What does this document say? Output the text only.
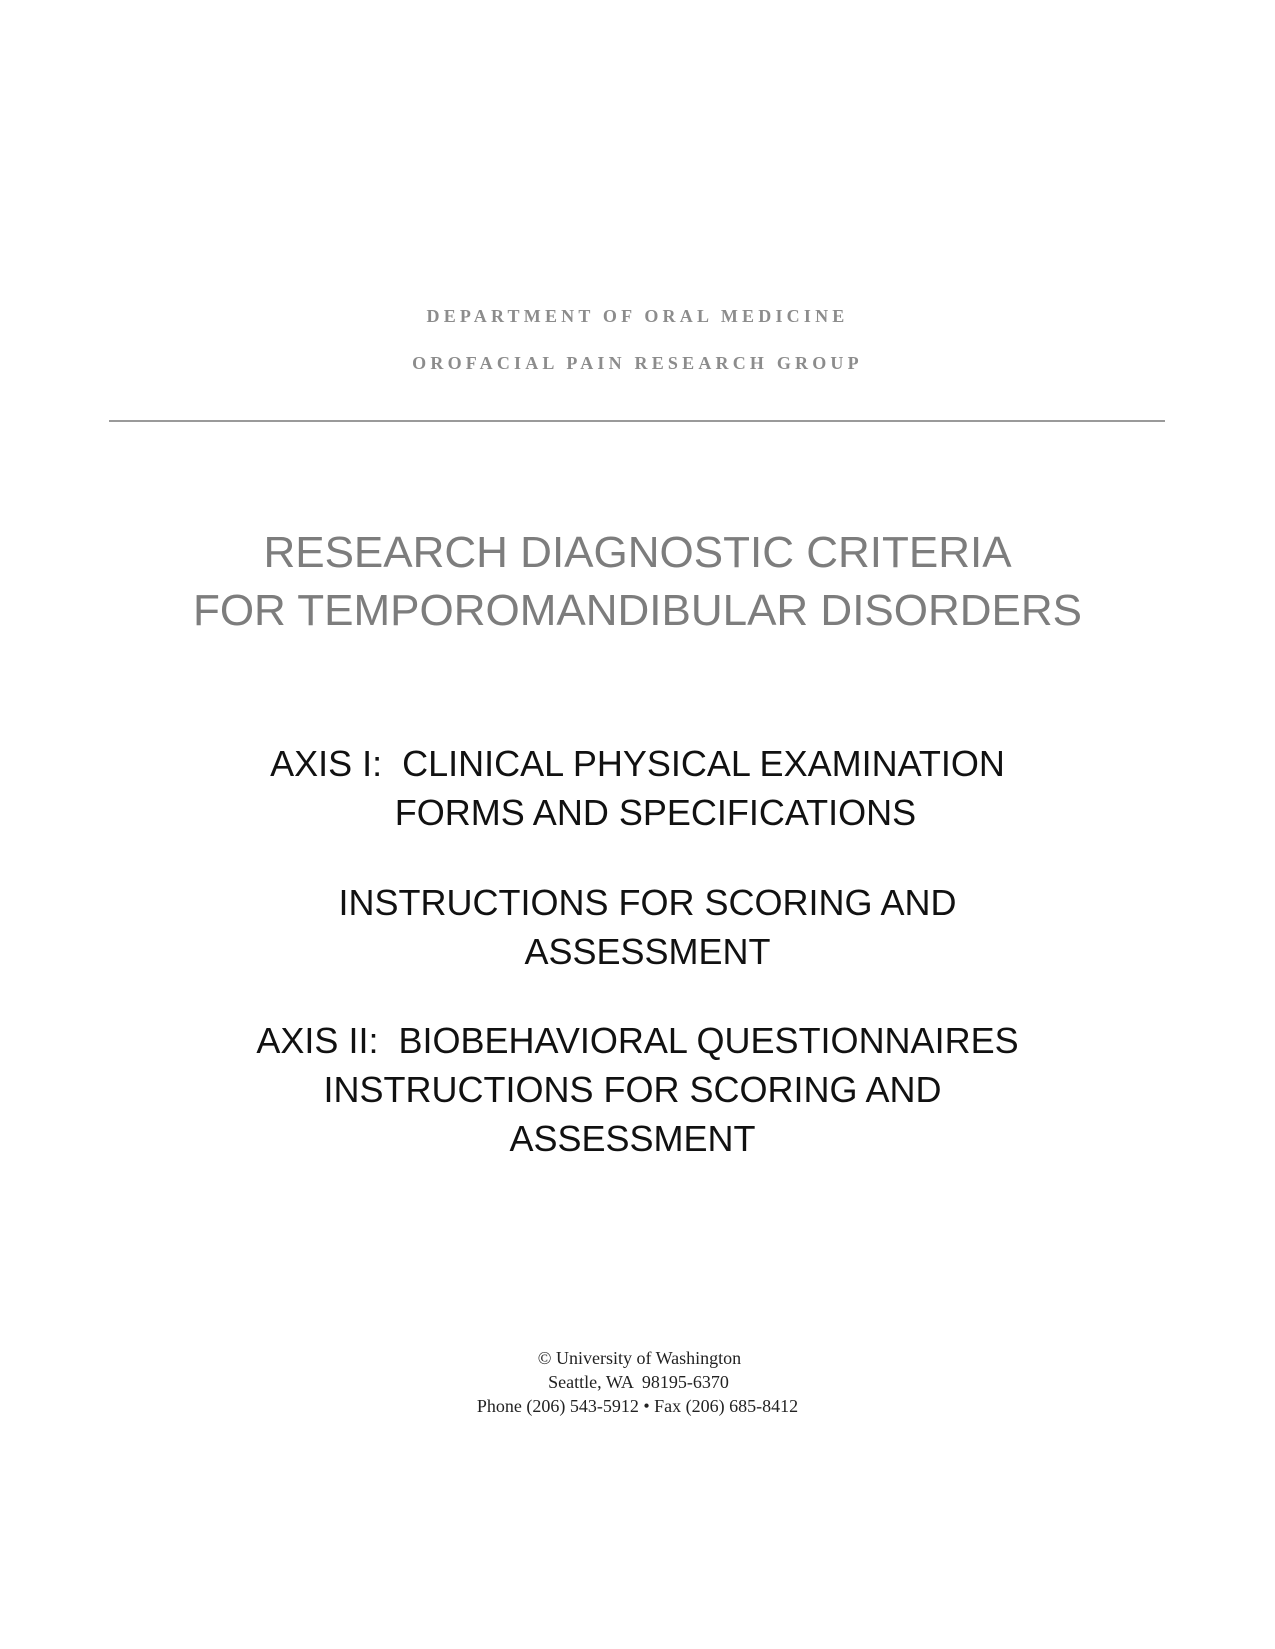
DEPARTMENT OF ORAL MEDICINE
OROFACIAL PAIN RESEARCH GROUP
RESEARCH DIAGNOSTIC CRITERIA
FOR TEMPOROMANDIBULAR DISORDERS
AXIS I:  CLINICAL PHYSICAL EXAMINATION
FORMS AND SPECIFICATIONS
INSTRUCTIONS FOR SCORING AND
ASSESSMENT
AXIS II:  BIOBEHAVIORAL QUESTIONNAIRES
INSTRUCTIONS FOR SCORING AND
ASSESSMENT
© University of Washington
Seattle, WA  98195-6370
Phone (206) 543-5912 • Fax (206) 685-8412
